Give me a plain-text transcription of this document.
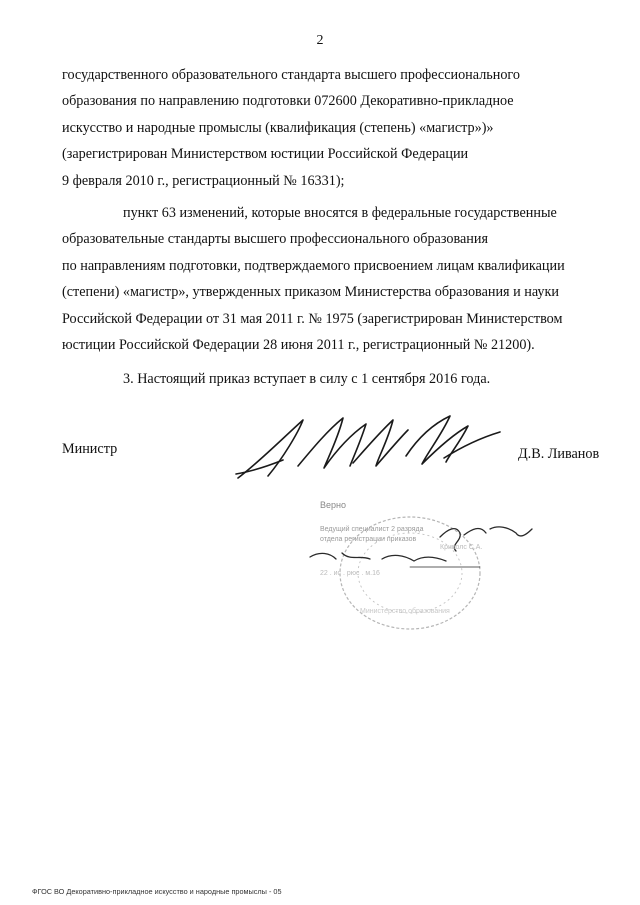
2

государственного образовательного стандарта высшего профессионального

образования по направлению подготовки 072600 Декоративно-прикладное

искусство и народные промыслы (квалификация (степень) «магистр»)»

(зарегистрирован Министерством юстиции Российской Федерации

9 февраля 2010 г., регистрационный № 16331);

пункт 63 изменений, которые вносятся в федеральные государственные

образовательные стандарты высшего профессионального образования

по направлениям подготовки, подтверждаемого присвоением лицам квалификации

(степени) «магистр», утвержденных приказом Министерства образования и науки

Российской Федерации от 31 мая 2011 г. № 1975 (зарегистрирован Министерством

юстиции Российской Федерации 28 июня 2011 г., регистрационный № 21200).

3. Настоящий приказ вступает в силу с 1 сентября 2016 года.

Министр	Д.В. Ливанов
Верно
Ведущий специалист 2 разряда
отдела регистрации приказов
Криволс С.А.
22 . ис . рюс . м.16
Министерство образования
ФГОС ВО Декоративно-прикладное искусство и народные промыслы - 05
